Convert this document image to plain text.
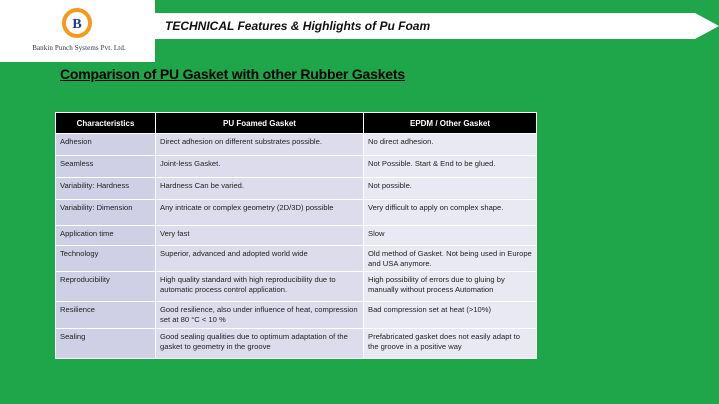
B
Bankin Punch Systems Pvt. Ltd.
TECHNICAL Features & Highlights of Pu Foam
Comparison of PU Gasket with other Rubber Gaskets
Characteristics	PU Foamed Gasket	EPDM / Other Gasket
Adhesion	Direct adhesion on different substrates possible.	No direct adhesion.
Seamless	Joint-less Gasket.	Not Possible. Start & End to be glued.
Variability: Hardness	Hardness Can be varied.	Not possible.
Variability: Dimension	Any intricate or complex geometry (2D/3D) possible	Very difficult to apply on complex shape.
Application time	Very fast	Slow
Technology	Superior, advanced and adopted world wide	Old method of Gasket. Not being used in Europe and USA anymore.
Reproducibility	High quality standard with high reproducibility due to automatic process control application.	High possibility of errors due to gluing by manually without process Automation
Resilience	Good resilience, also under influence of heat, compression set at 80 °C < 10 %	Bad compression set at heat (>10%)
Sealing	Good sealing qualities due to optimum adaptation of the gasket to geometry in the groove	Prefabricated gasket does not easily adapt to the groove in a positive way
